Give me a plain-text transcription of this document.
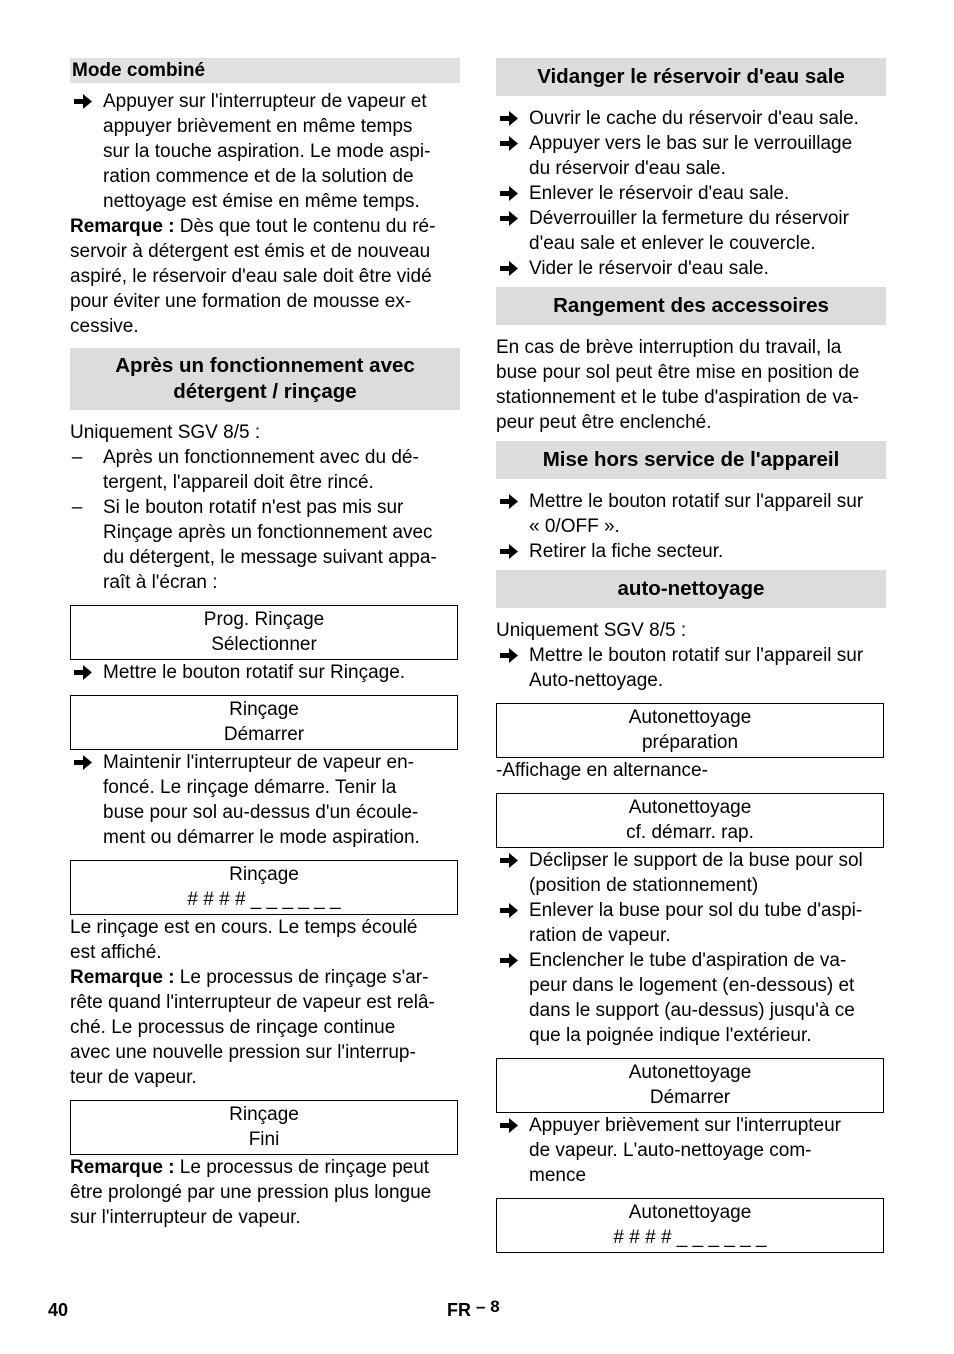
Mode combiné

Appuyer sur l'interrupteur de vapeur et

appuyer brièvement en même temps

sur la touche aspiration. Le mode aspi-

ration commence et de la solution de

nettoyage est émise en même temps.

Remarque : Dès que tout le contenu du ré-

servoir à détergent est émis et de nouveau

aspiré, le réservoir d'eau sale doit être vidé

pour éviter une formation de mousse ex-

cessive.

Après un fonctionnement avec

détergent / rinçage

Uniquement SGV 8/5 :

– Après un fonctionnement avec du dé-

tergent, l'appareil doit être rincé.

– Si le bouton rotatif n'est pas mis sur

Rinçage après un fonctionnement avec

du détergent, le message suivant appa-

raît à l'écran :

Prog. Rinçage

Sélectionner

Mettre le bouton rotatif sur Rinçage.

Rinçage

Démarrer

Maintenir l'interrupteur de vapeur en-

foncé. Le rinçage démarre. Tenir la

buse pour sol au-dessus d'un écoule-

ment ou démarrer le mode aspiration.

Rinçage

# # # # _ _ _ _ _ _

Le rinçage est en cours. Le temps écoulé

est affiché.

Remarque : Le processus de rinçage s'ar-

rête quand l'interrupteur de vapeur est relâ-

ché. Le processus de rinçage continue

avec une nouvelle pression sur l'interrup-

teur de vapeur.

Rinçage

Fini

Remarque : Le processus de rinçage peut

être prolongé par une pression plus longue

sur l'interrupteur de vapeur.

Vidanger le réservoir d'eau sale

Ouvrir le cache du réservoir d'eau sale.

Appuyer vers le bas sur le verrouillage

du réservoir d'eau sale.

Enlever le réservoir d'eau sale.

Déverrouiller la fermeture du réservoir

d'eau sale et enlever le couvercle.

Vider le réservoir d'eau sale.

Rangement des accessoires

En cas de brève interruption du travail, la

buse pour sol peut être mise en position de

stationnement et le tube d'aspiration de va-

peur peut être enclenché.

Mise hors service de l'appareil

Mettre le bouton rotatif sur l'appareil sur

« 0/OFF ».

Retirer la fiche secteur.

auto-nettoyage

Uniquement SGV 8/5 :

Mettre le bouton rotatif sur l'appareil sur

Auto-nettoyage.

Autonettoyage

préparation

-Affichage en alternance-

Autonettoyage

cf. démarr. rap.

Déclipser le support de la buse pour sol

(position de stationnement)

Enlever la buse pour sol du tube d'aspi-

ration de vapeur.

Enclencher le tube d'aspiration de va-

peur dans le logement (en-dessous) et

dans le support (au-dessus) jusqu'à ce

que la poignée indique l'extérieur.

Autonettoyage

Démarrer

Appuyer brièvement sur l'interrupteur

de vapeur. L'auto-nettoyage com-

mence

Autonettoyage

# # # # _ _ _ _ _ _

40	FR – 8
